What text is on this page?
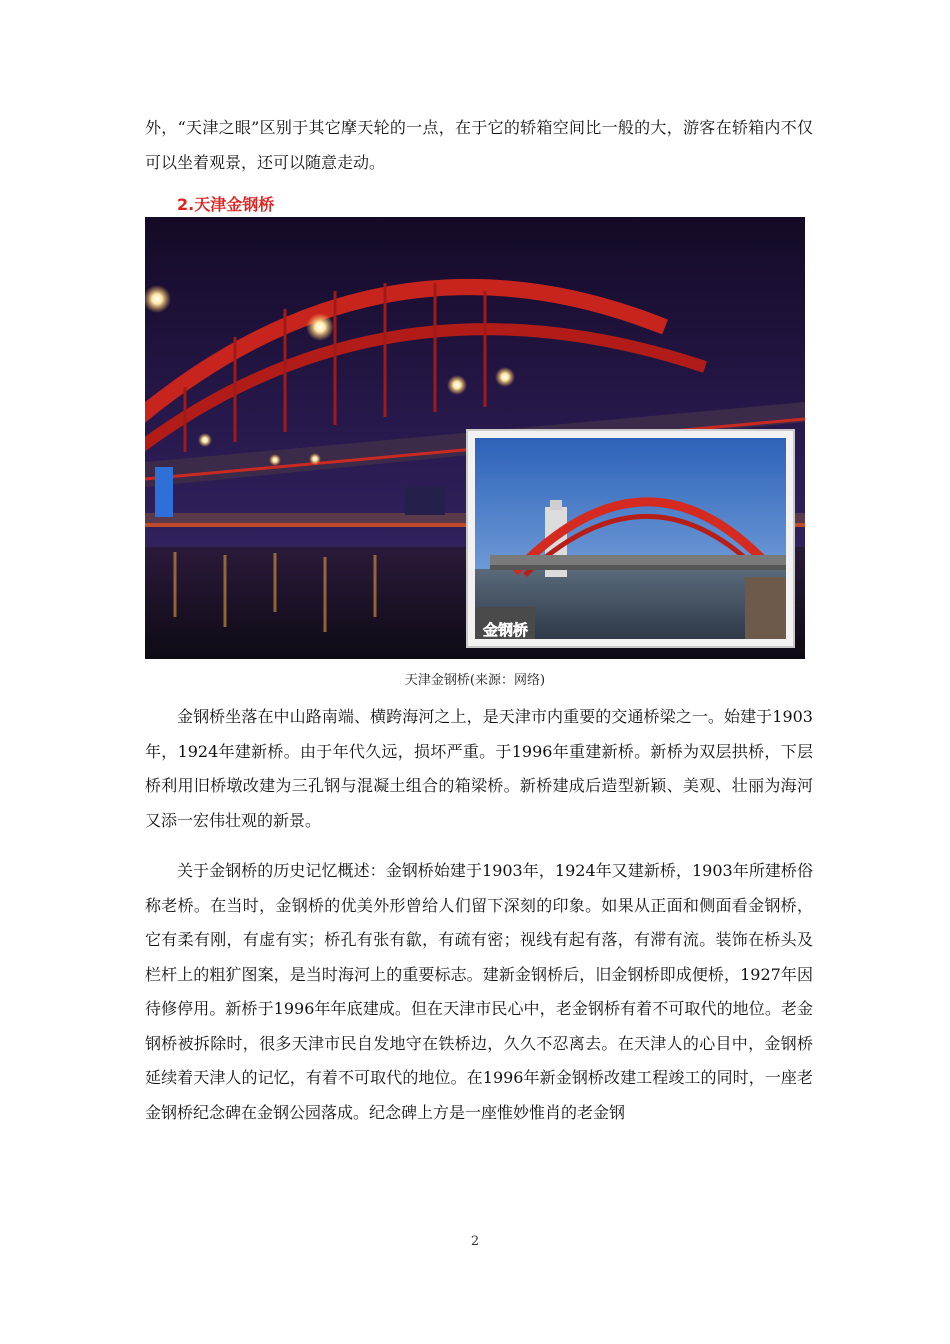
外，“天津之眼”区别于其它摩天轮的一点，在于它的轿箱空间比一般的大，游客在轿箱内不仅可以坐着观景，还可以随意走动。

2.天津金钢桥
金钢桥
天津金钢桥(来源：网络)

金钢桥坐落在中山路南端、横跨海河之上，是天津市内重要的交通桥梁之一。始建于1903年，1924年建新桥。由于年代久远，损坏严重。于1996年重建新桥。新桥为双层拱桥，下层桥利用旧桥墩改建为三孔钢与混凝土组合的箱梁桥。新桥建成后造型新颖、美观、壮丽为海河又添一宏伟壮观的新景。

关于金钢桥的历史记忆概述：金钢桥始建于1903年，1924年又建新桥，1903年所建桥俗称老桥。在当时，金钢桥的优美外形曾给人们留下深刻的印象。如果从正面和侧面看金钢桥，它有柔有刚，有虚有实；桥孔有张有歙，有疏有密；视线有起有落，有滞有流。装饰在桥头及栏杆上的粗犷图案，是当时海河上的重要标志。建新金钢桥后，旧金钢桥即成便桥，1927年因待修停用。新桥于1996年年底建成。但在天津市民心中，老金钢桥有着不可取代的地位。老金钢桥被拆除时，很多天津市民自发地守在铁桥边，久久不忍离去。在天津人的心目中，金钢桥延续着天津人的记忆，有着不可取代的地位。在1996年新金钢桥改建工程竣工的同时，一座老金钢桥纪念碑在金钢公园落成。纪念碑上方是一座惟妙惟肖的老金钢

2
